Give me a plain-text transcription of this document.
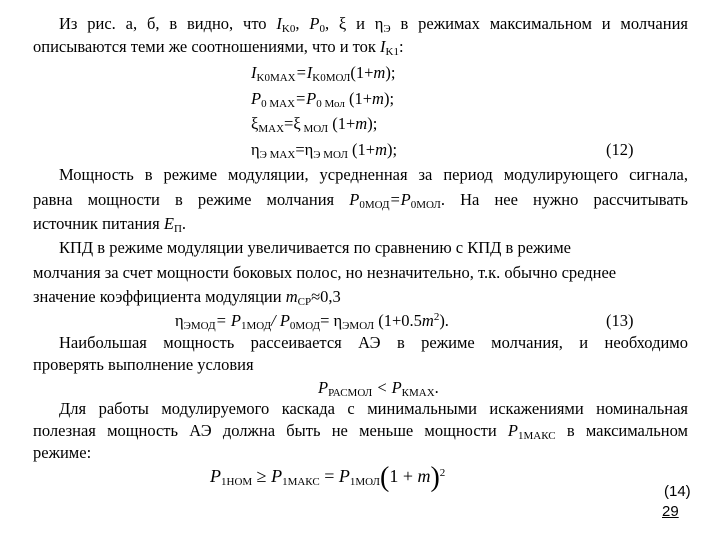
Из рис. а, б, в видно, что $I_{K0}$, $P_0$, ξ и $\eta_Э$ в режимах максимальном и молчания
описываются теми же соотношениями, что и ток $I_{K1}$:
$I_{K0MAX}=I_{K0МОЛ}(1+m)$;
$P_{0 МАХ}=P_{0 Мол}$ (1+m);
$\xi_{МАХ}=\xi$ $_{МОЛ}$ (1+m);
$\eta_{Э МАХ}=\eta_{Э МОЛ}$ (1+m);	(12)
Мощность в режиме модуляции, усредненная за период модулирующего сигнала,
равна мощности в режиме молчания $P_{0МОД}=P_{0МОЛ}$. На нее нужно рассчитывать
источник питания $E_П$.
КПД в режиме модуляции увеличивается по сравнению с КПД в режиме
молчания за счет мощности боковых полос, но незначительно, т.к. обычно среднее
значение коэффициента модуляции $m_{СР}\approx 0,3$
$\eta_{ЭМОД}= P_{1МОД}/$ $P_{0МОД}= \eta_{ЭМОЛ}$ $(1+0.5m^2)$.	(13)
Наибольшая мощность рассеивается АЭ в режиме молчания, и необходимо
проверять выполнение условия
$P_{РАСМОЛ} < P_{КМАХ}$.
Для работы модулируемого каскада с минимальными искажениями номинальная
полезная мощность АЭ должна быть не меньше мощности $P_{1МАКС}$ в максимальном
режиме:
$P_{1НОМ} \ge P_{1МАКС} = P_{1МОЛ}(1 + m)^2$
(14)
29
